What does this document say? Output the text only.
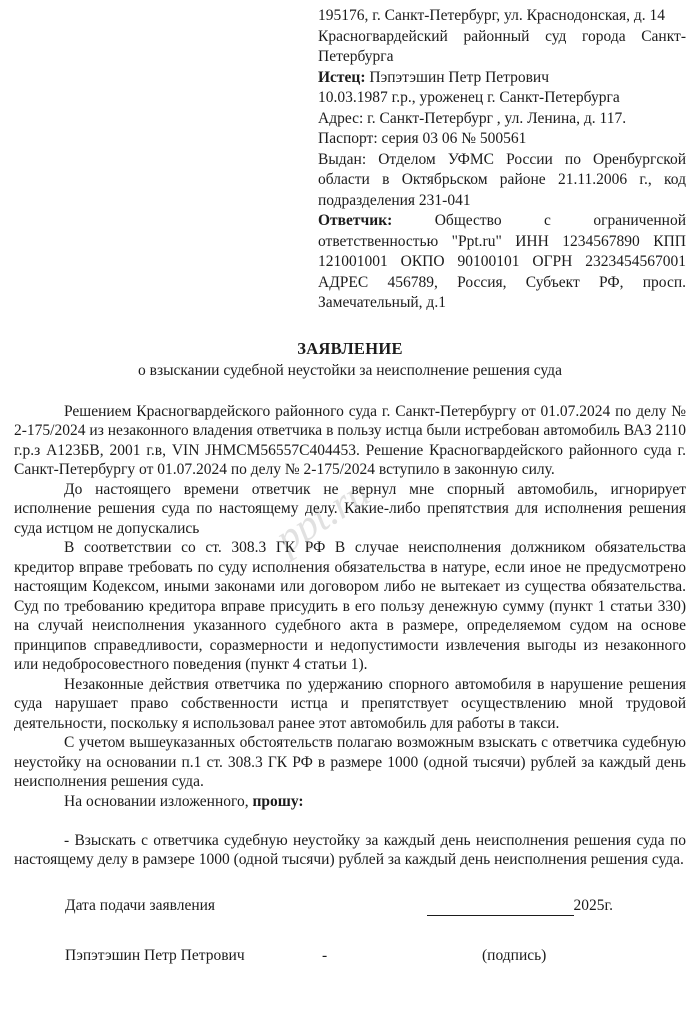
ppt.ru

195176, г. Санкт-Петербург, ул. Краснодонская, д. 14

Красногвардейский районный суд города Санкт-Петербурга

Истец: Пэпэтэшин Петр Петрович

10.03.1987 г.р., уроженец г. Санкт-Петербурга

Адрес: г. Санкт-Петербург , ул. Ленина, д. 117.

Паспорт: серия 03 06 № 500561

Выдан: Отделом УФМС России по Оренбургской области в Октябрьском районе 21.11.2006 г., код подразделения 231-041

Ответчик:	Общество с ограниченной ответственностью "Ppt.ru" ИНН 1234567890 КПП 121001001 ОКПО 90100101 ОГРН 2323454567001 АДРЕС 456789, Россия, Субъект РФ, просп. Замечательный, д.1

ЗАЯВЛЕНИЕ
о взыскании судебной неустойки за неисполнение решения суда

Решением Красногвардейского районного суда г. Санкт-Петербургу от 01.07.2024 по делу № 2-175/2024 из незаконного владения ответчика в пользу истца были истребован автомобиль ВАЗ 2110 г.р.з А123БВ, 2001 г.в, VIN JHMCM56557C404453. Решение Красногвардейского районного суда г. Санкт-Петербургу от 01.07.2024 по делу № 2-175/2024 вступило в законную силу.

До настоящего времени ответчик не вернул мне спорный автомобиль, игнорирует исполнение решения суда по настоящему делу. Какие-либо препятствия для исполнения решения суда истцом не допускались

В соответствии со ст. 308.3 ГК РФ В случае неисполнения должником обязательства кредитор вправе требовать по суду исполнения обязательства в натуре, если иное не предусмотрено настоящим Кодексом, иными законами или договором либо не вытекает из существа обязательства. Суд по требованию кредитора вправе присудить в его пользу денежную сумму (пункт 1 статьи 330) на случай неисполнения указанного судебного акта в размере, определяемом судом на основе принципов справедливости, соразмерности и недопустимости извлечения выгоды из незаконного или недобросовестного поведения (пункт 4 статьи 1).

Незаконные действия ответчика по удержанию спорного автомобиля в нарушение решения суда нарушает право собственности истца и препятствует осуществлению мной трудовой деятельности, поскольку я использовал ранее этот автомобиль для работы в такси.

С учетом вышеуказанных обстоятельств полагаю возможным взыскать с ответчика судебную неустойку на основании п.1 ст. 308.3 ГК РФ в размере 1000 (одной тысячи) рублей за каждый день неисполнения решения суда.

На основании изложенного, прошу:

- Взыскать с ответчика судебную неустойку за каждый день неисполнения решения суда по настоящему делу в рамзере 1000 (одной тысячи) рублей за каждый день неисполнения решения суда.

Дата подачи заявления	2025г.
Пэпэтэшин Петр Петрович	-	(подпись)
